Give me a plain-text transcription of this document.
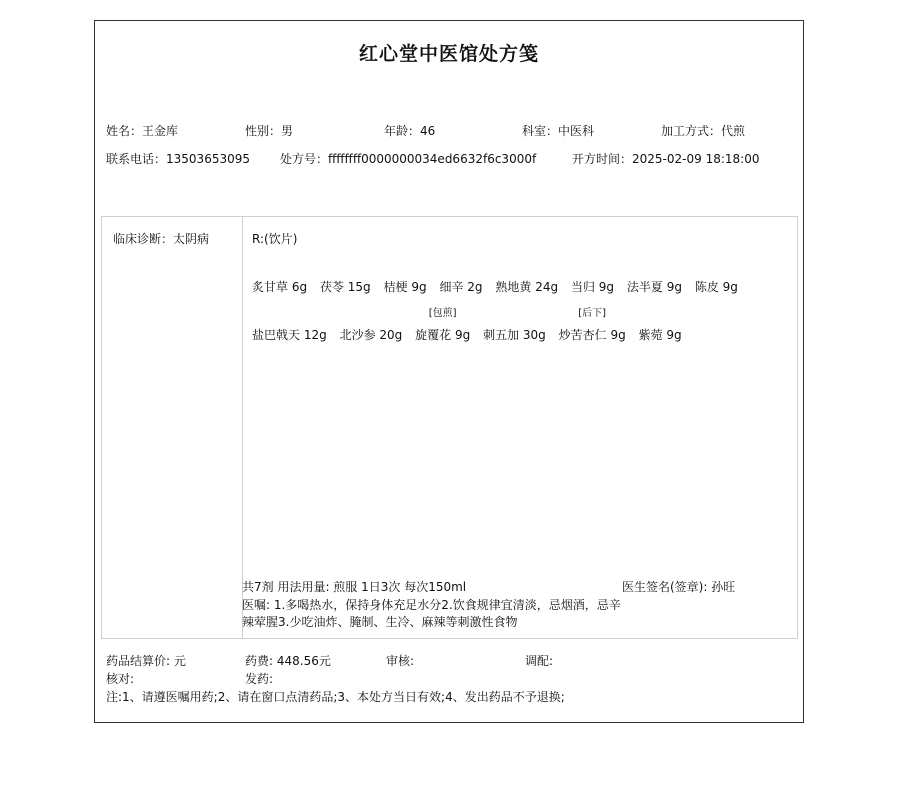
红心堂中医馆处方笺
姓名：王金库	性别：男	年龄：46	科室：中医科	加工方式：代煎
联系电话：13503653095	处方号：ffffffff0000000034ed6632f6c3000f	开方时间：2025-02-09 18:18:00
临床诊断：太阴病	R:(饮片)
炙甘草 6g 茯苓 15g 桔梗 9g 细辛 2g 熟地黄 24g 当归 9g 法半夏 9g 陈皮 9g
盐巴戟天 12g 北沙参 20g
[包煎]
旋覆花 9g 刺五加 30g
[后下]
炒苦杏仁 9g 紫菀 9g
共7剂 用法用量: 煎服 1日3次 每次150ml	医生签名(签章): 孙旺
医嘱: 1.多喝热水，保持身体充足水分2.饮食规律宜清淡，忌烟酒，忌辛辣荤腥3.少吃油炸、腌制、生冷、麻辣等刺激性食物
药品结算价: 元	药费: 448.56元	审核:	调配:
核对:	发药:
注:1、请遵医嘱用药;2、请在窗口点清药品;3、本处方当日有效;4、发出药品不予退换;
